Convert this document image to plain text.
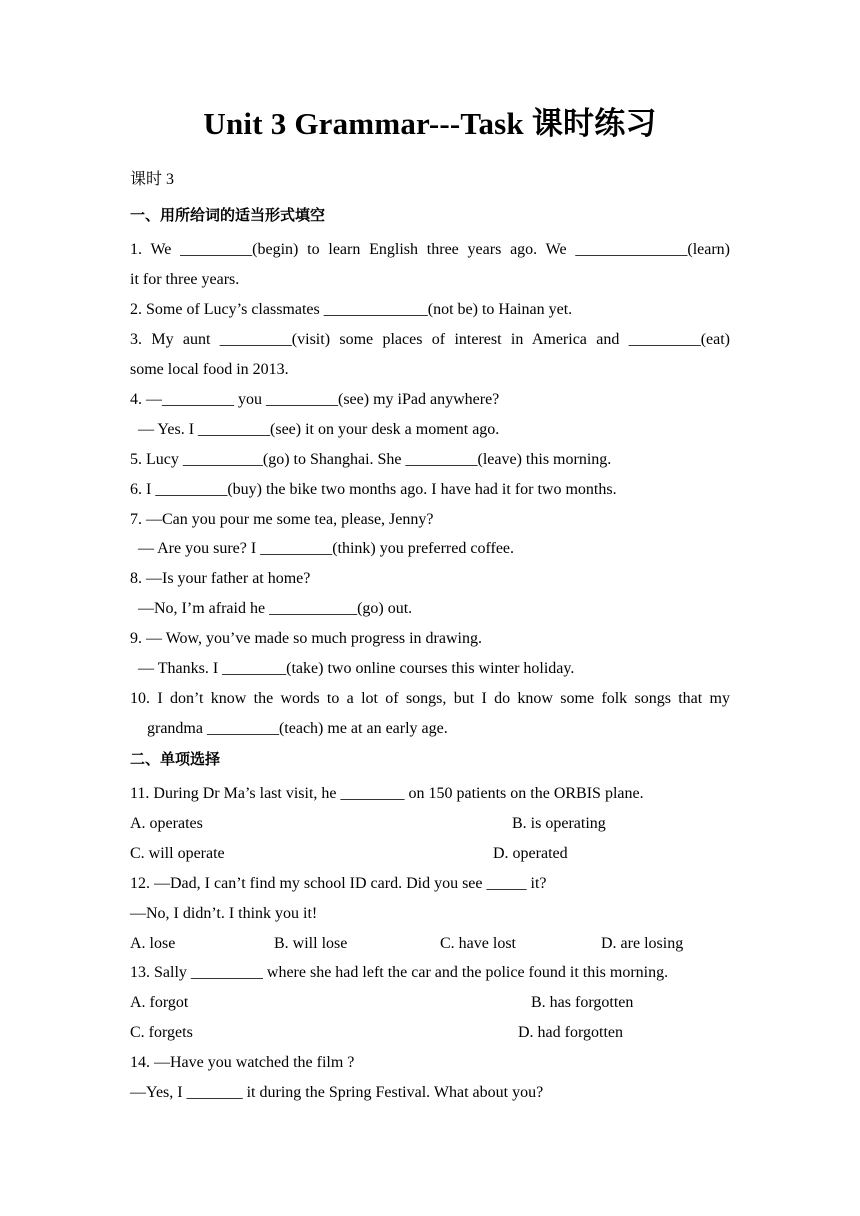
Unit 3 Grammar---Task 课时练习
课时 3
一、用所给词的适当形式填空
1. We _________(begin) to learn English three years ago. We ______________(learn)
it for three years.
2. Some of Lucy’s classmates _____________(not be) to Hainan yet.
3. My aunt _________(visit) some places of interest in America and _________(eat)
some local food in 2013.
4. —_________ you _________(see) my iPad anywhere?
— Yes. I _________(see) it on your desk a moment ago.
5. Lucy __________(go) to Shanghai. She _________(leave) this morning.
6. I _________(buy) the bike two months ago. I have had it for two months.
7. —Can you pour me some tea, please, Jenny?
— Are you sure? I _________(think) you preferred coffee.
8. —Is your father at home?
—No, I’m afraid he ___________(go) out.
9. — Wow, you’ve made so much progress in drawing.
— Thanks. I ________(take) two online courses this winter holiday.
10. I don’t know the words to a lot of songs, but I do know some folk songs that my
grandma _________(teach) me at an early age.
二、单项选择
11. During Dr Ma’s last visit, he ________ on 150 patients on the ORBIS plane.
A. operates	B. is operating
C. will operate	D. operated
12. —Dad, I can’t find my school ID card. Did you see _____ it?
—No, I didn’t. I think you it!
A. lose	B. will lose	C. have lost	D. are losing
13. Sally _________ where she had left the car and the police found it this morning.
A. forgot	B. has forgotten
C. forgets	D. had forgotten
14. —Have you watched the film ?
—Yes, I _______ it during the Spring Festival. What about you?
